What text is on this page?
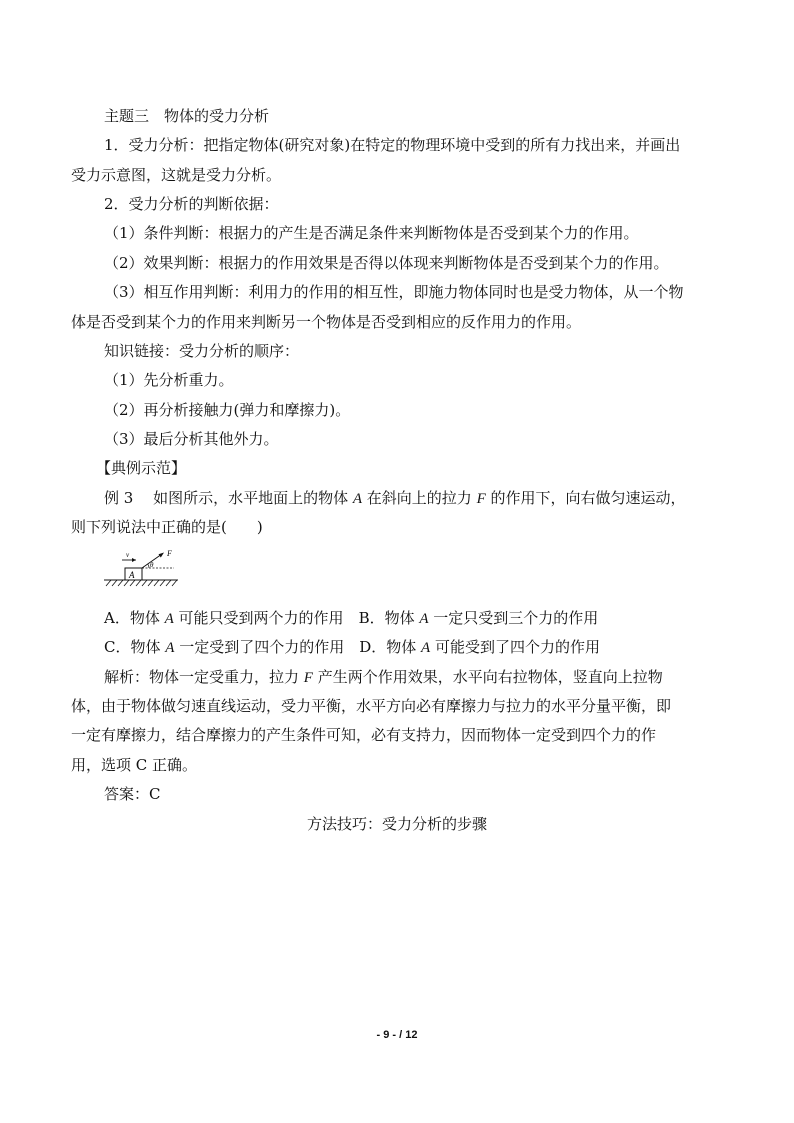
主题三　物体的受力分析
1．受力分析：把指定物体(研究对象)在特定的物理环境中受到的所有力找出来，并画出
受力示意图，这就是受力分析。
2．受力分析的判断依据：
（1）条件判断：根据力的产生是否满足条件来判断物体是否受到某个力的作用。
（2）效果判断：根据力的作用效果是否得以体现来判断物体是否受到某个力的作用。
（3）相互作用判断：利用力的作用的相互性，即施力物体同时也是受力物体，从一个物
体是否受到某个力的作用来判断另一个物体是否受到相应的反作用力的作用。
知识链接：受力分析的顺序：
（1）先分析重力。
（2）再分析接触力(弹力和摩擦力)。
（3）最后分析其他外力。
【典例示范】
例 3　 如图所示，水平地面上的物体 A 在斜向上的拉力 F 的作用下，向右做匀速运动，
则下列说法中正确的是(　　)
A
v	F
θ
A．物体 A 可能只受到两个力的作用　B．物体 A 一定只受到三个力的作用
C．物体 A 一定受到了四个力的作用　D．物体 A 可能受到了四个力的作用
解析：物体一定受重力，拉力 F 产生两个作用效果，水平向右拉物体，竖直向上拉物
体，由于物体做匀速直线运动，受力平衡，水平方向必有摩擦力与拉力的水平分量平衡，即
一定有摩擦力，结合摩擦力的产生条件可知，必有支持力，因而物体一定受到四个力的作
用，选项 C 正确。
答案：C
方法技巧：受力分析的步骤
- 9 - / 12
